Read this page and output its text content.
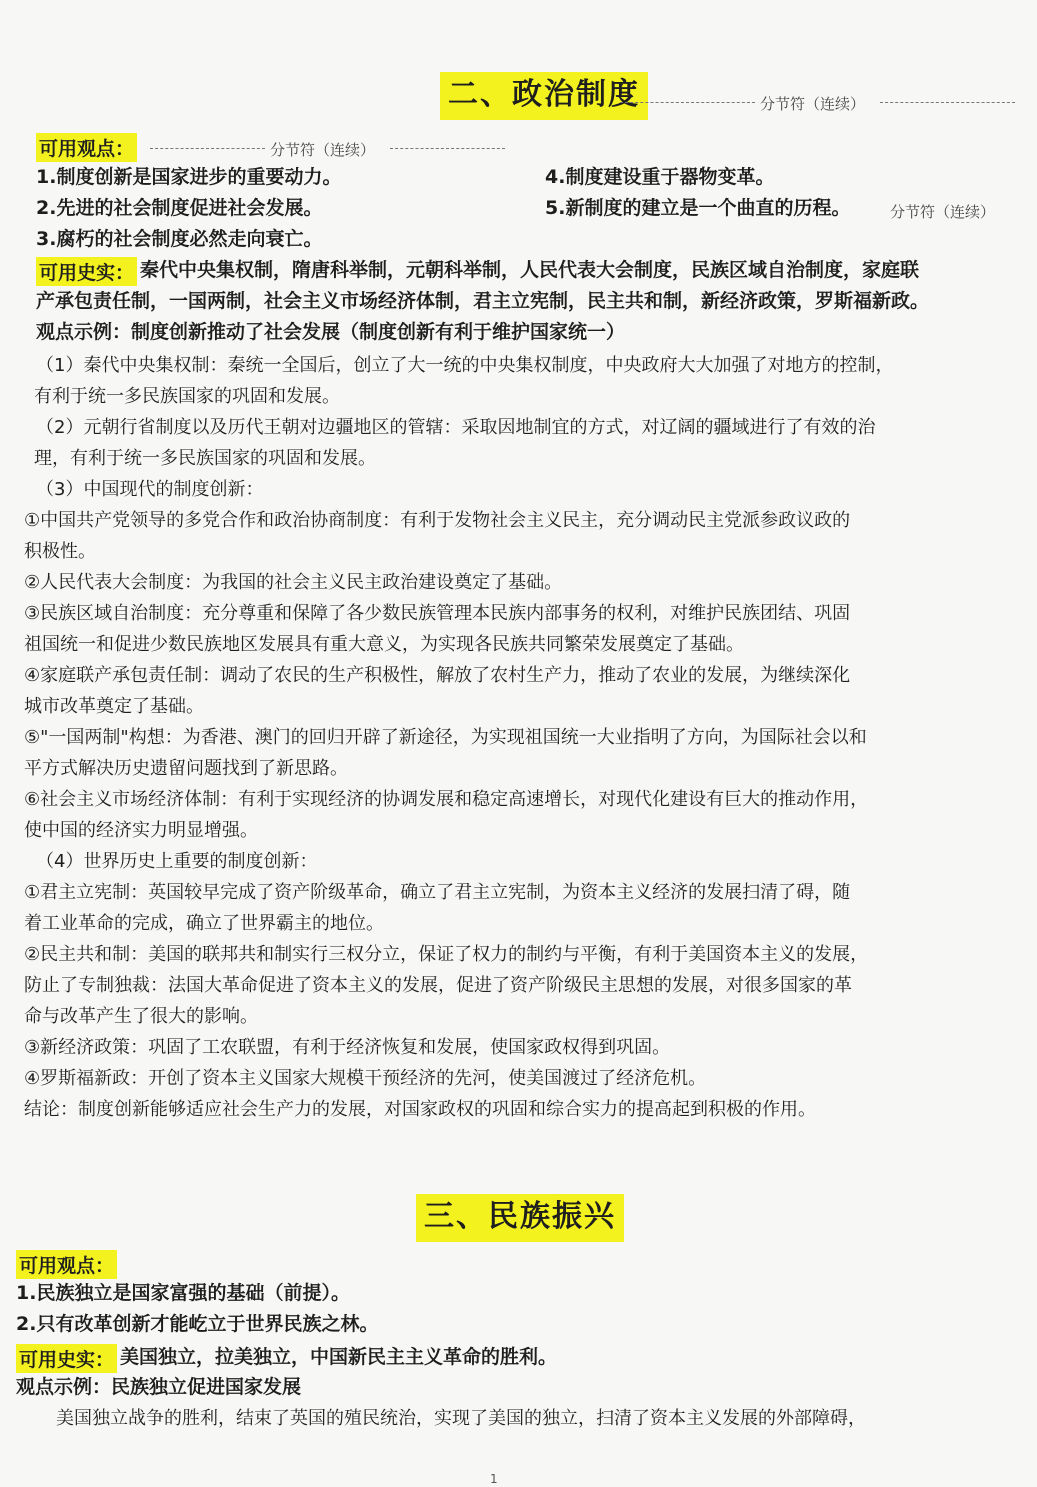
二、政治制度	分节符（连续）
可用观点：	分节符（连续）
1.制度创新是国家进步的重要动力。	4.制度建设重于器物变革。
2.先进的社会制度促进社会发展。	5.新制度的建立是一个曲直的历程。	分节符（连续）
3.腐朽的社会制度必然走向衰亡。
可用史实： 秦代中央集权制，隋唐科举制，元朝科举制，人民代表大会制度，民族区域自治制度，家庭联
产承包责任制，一国两制，社会主义市场经济体制，君主立宪制，民主共和制，新经济政策，罗斯福新政。
观点示例：制度创新推动了社会发展（制度创新有利于维护国家统一）
（1）秦代中央集权制：秦统一全国后，创立了大一统的中央集权制度，中央政府大大加强了对地方的控制，
有利于统一多民族国家的巩固和发展。
（2）元朝行省制度以及历代王朝对边疆地区的管辖：采取因地制宜的方式，对辽阔的疆域进行了有效的治
理，有利于统一多民族国家的巩固和发展。
（3）中国现代的制度创新：
①中国共产党领导的多党合作和政治协商制度：有利于发物社会主义民主，充分调动民主党派参政议政的
积极性。
②人民代表大会制度：为我国的社会主义民主政治建设奠定了基础。
③民族区域自治制度：充分尊重和保障了各少数民族管理本民族内部事务的权利，对维护民族团结、巩固
祖国统一和促进少数民族地区发展具有重大意义，为实现各民族共同繁荣发展奠定了基础。
④家庭联产承包责任制：调动了农民的生产积极性，解放了农村生产力，推动了农业的发展，为继续深化
城市改革奠定了基础。
⑤"一国两制"构想：为香港、澳门的回归开辟了新途径，为实现祖国统一大业指明了方向，为国际社会以和
平方式解决历史遗留问题找到了新思路。
⑥社会主义市场经济体制：有利于实现经济的协调发展和稳定高速增长，对现代化建设有巨大的推动作用，
使中国的经济实力明显增强。
（4）世界历史上重要的制度创新：
①君主立宪制：英国较早完成了资产阶级革命，确立了君主立宪制，为资本主义经济的发展扫清了碍，随
着工业革命的完成，确立了世界霸主的地位。
②民主共和制：美国的联邦共和制实行三权分立，保证了权力的制约与平衡，有利于美国资本主义的发展，
防止了专制独裁：法国大革命促进了资本主义的发展，促进了资产阶级民主思想的发展，对很多国家的革
命与改革产生了很大的影响。
③新经济政策：巩固了工农联盟，有利于经济恢复和发展，使国家政权得到巩固。
④罗斯福新政：开创了资本主义国家大规模干预经济的先河，使美国渡过了经济危机。
结论：制度创新能够适应社会生产力的发展，对国家政权的巩固和综合实力的提高起到积极的作用。
三、民族振兴
可用观点：
1.民族独立是国家富强的基础（前提）。
2.只有改革创新才能屹立于世界民族之林。
可用史实： 美国独立，拉美独立，中国新民主主义革命的胜利。
观点示例：民族独立促进国家发展
美国独立战争的胜利，结束了英国的殖民统治，实现了美国的独立，扫清了资本主义发展的外部障碍，
1
